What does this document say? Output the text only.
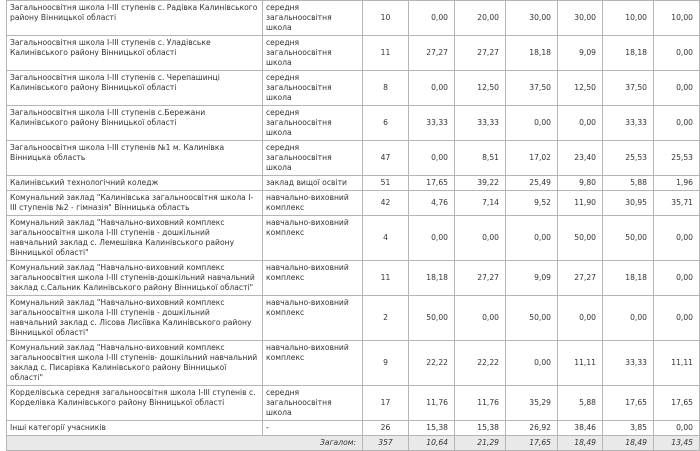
Загальноосвітня школа І-ІІІ ступенів с. Радівка Калинівського району Вінницької області	середня загальноосвітня школа	10	0,00	20,00	30,00	30,00	10,00	10,00
Загальноосвітня школа І-ІІІ ступенів с. Уладівське Калинівського району Вінницької області	середня загальноосвітня школа	11	27,27	27,27	18,18	9,09	18,18	0,00
Загальноосвітня школа І-ІІІ ступенів с. Черепашинці Калинівського району Вінницької області	середня загальноосвітня школа	8	0,00	12,50	37,50	12,50	37,50	0,00
Загальноосвітня школа І-ІІІ ступенів с.Бережани Калинівського району Вінницької області	середня загальноосвітня школа	6	33,33	33,33	0,00	0,00	33,33	0,00
Загальноосвітня школа І-ІІІ ступенів №1 м. Калинівка Вінницька область	середня загальноосвітня школа	47	0,00	8,51	17,02	23,40	25,53	25,53
Калинівський технологічний коледж	заклад вищої освіти	51	17,65	39,22	25,49	9,80	5,88	1,96
Комунальний заклад "Калинівська загальноосвітня школа І-ІІІ ступенів №2 - гімназія" Вінницька область	навчально-виховний комплекс	42	4,76	7,14	9,52	11,90	30,95	35,71
Комунальний заклад "Навчально-виховний комплекс загальноосвітня школа І-ІІІ ступенів - дошкільний навчальний заклад с. Лемешівка Калинівського району Вінницької області"	навчально-виховний комплекс	4	0,00	0,00	0,00	50,00	50,00	0,00
Комунальний заклад "Навчально-виховний комплекс загальноосвітня школа І-ІІІ ступенів-дошкільний навчальний заклад с.Сальник Калинівського району Вінницької області"	навчально-виховний комплекс	11	18,18	27,27	9,09	27,27	18,18	0,00
Комунальний заклад "Навчально-виховний комплекс загальноосвітня школа І-ІІІ ступенів - дошкільний навчальний заклад с. Лісова Лисіївка Калинівського району Вінницької області"	навчально-виховний комплекс	2	50,00	0,00	50,00	0,00	0,00	0,00
Комунальний заклад "Навчально-виховний комплекс загальноосвітня школа І-ІІІ ступенів- дошкільний навчальний заклад с. Писарівка Калинівського району Вінницької області"	навчально-виховний комплекс	9	22,22	22,22	0,00	11,11	33,33	11,11
Корделівська середня загальноосвітня школа І-ІІІ ступенів с. Корделівка Калинівського району Вінницької області	середня загальноосвітня школа	17	11,76	11,76	35,29	5,88	17,65	17,65
Інші категорії учасників	-	26	15,38	15,38	26,92	38,46	3,85	0,00
Загалом:		357	10,64	21,29	17,65	18,49	18,49	13,45
